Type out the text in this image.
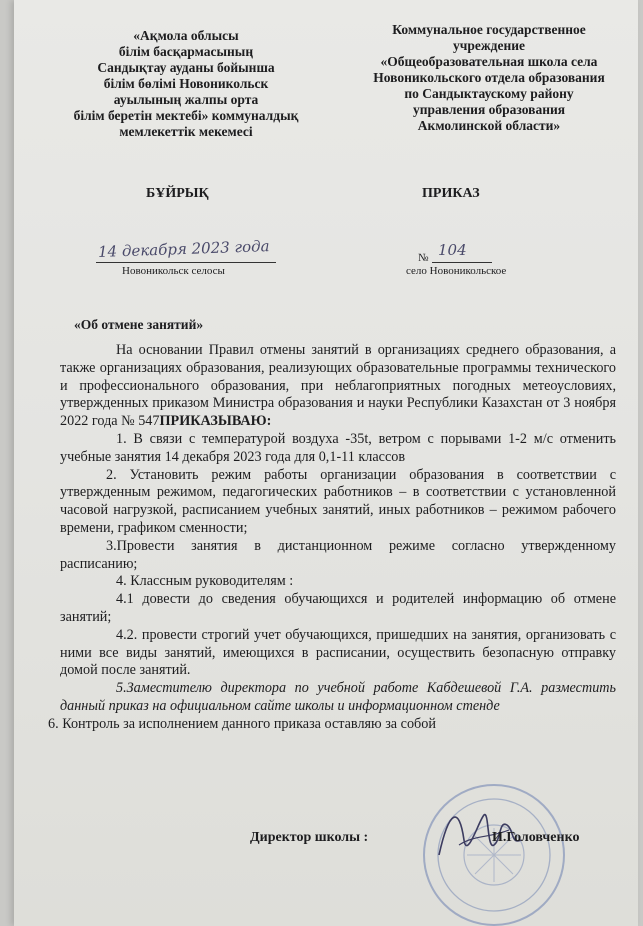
«Ақмола облысы
білім басқармасының
Сандықтау ауданы бойынша
білім бөлімі Новоникольск
ауылының жалпы орта
білім беретін мектебі» коммуналдық
мемлекеттік мекемесі
Коммунальное государственное
учреждение
«Общеобразовательная школа села
Новоникольского отдела образования
по Сандыктаускому району
управления образования
Акмолинской области»
БҰЙРЫҚ	ПРИКАЗ
14 декабря 2023 года
Новоникольск селосы
№ 104
село Новоникольское
«Об отмене занятий»

На основании Правил отмены занятий в организациях среднего образования, а также организациях образования, реализующих образовательные программы технического и профессионального образования, при неблагоприятных погодных метеоусловиях, утвержденных приказом Министра образования и науки Республики Казахстан от 3 ноября 2022 года № 547ПРИКАЗЫВАЮ:

1. В связи с температурой воздуха -35t, ветром с порывами 1-2 м/с отменить учебные занятия 14 декабря 2023 года для 0,1-11 классов

2. Установить режим работы организации образования в соответствии с утвержденным режимом, педагогических работников – в соответствии с установленной часовой нагрузкой, расписанием учебных занятий, иных работников – режимом рабочего времени, графиком сменности;

3.Провести занятия в дистанционном режиме согласно утвержденному расписанию;

4. Классным руководителям :

4.1 довести до сведения обучающихся и родителей информацию об отмене занятий;

4.2. провести строгий учет обучающихся, пришедших на занятия, организовать с ними все виды занятий, имеющихся в расписании, осуществить безопасную отправку домой после занятий.

5.Заместителю директора по учебной работе Кабдешевой Г.А. разместить данный приказ на официальном сайте школы и информационном стенде

6. Контроль за исполнением данного приказа оставляю за собой

Директор школы :	И.Головченко
